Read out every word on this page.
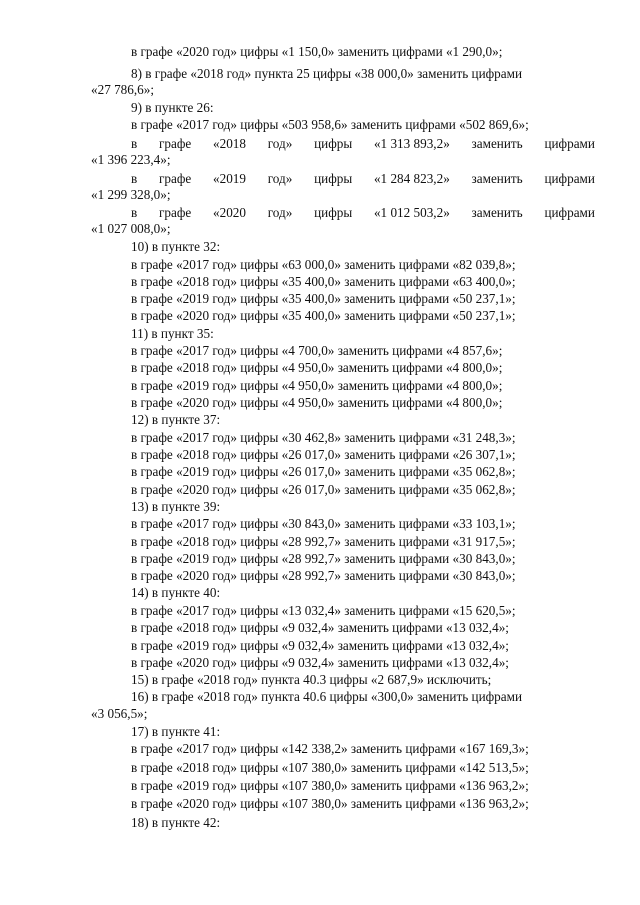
в графе «2020 год» цифры «1 150,0» заменить цифрами «1 290,0»;
8) в графе «2018 год» пункта 25 цифры «38 000,0» заменить цифрами
«27 786,6»;
9) в пункте 26:
в графе «2017 год» цифры «503 958,6» заменить цифрами «502 869,6»;
в графе «2018 год» цифры «1 313 893,2» заменить цифрами
«1 396 223,4»;
в графе «2019 год» цифры «1 284 823,2» заменить цифрами
«1 299 328,0»;
в графе «2020 год» цифры «1 012 503,2» заменить цифрами
«1 027 008,0»;
10) в пункте 32:
в графе «2017 год» цифры «63 000,0» заменить цифрами «82 039,8»;
в графе «2018 год» цифры «35 400,0» заменить цифрами «63 400,0»;
в графе «2019 год» цифры «35 400,0» заменить цифрами «50 237,1»;
в графе «2020 год» цифры «35 400,0» заменить цифрами «50 237,1»;
11) в пункт 35:
в графе «2017 год» цифры «4 700,0» заменить цифрами «4 857,6»;
в графе «2018 год» цифры «4 950,0» заменить цифрами «4 800,0»;
в графе «2019 год» цифры «4 950,0» заменить цифрами «4 800,0»;
в графе «2020 год» цифры «4 950,0» заменить цифрами «4 800,0»;
12) в пункте 37:
в графе «2017 год» цифры «30 462,8» заменить цифрами «31 248,3»;
в графе «2018 год» цифры «26 017,0» заменить цифрами «26 307,1»;
в графе «2019 год» цифры «26 017,0» заменить цифрами «35 062,8»;
в графе «2020 год» цифры «26 017,0» заменить цифрами «35 062,8»;
13) в пункте 39:
в графе «2017 год» цифры «30 843,0» заменить цифрами «33 103,1»;
в графе «2018 год» цифры «28 992,7» заменить цифрами «31 917,5»;
в графе «2019 год» цифры «28 992,7» заменить цифрами «30 843,0»;
в графе «2020 год» цифры «28 992,7» заменить цифрами «30 843,0»;
14) в пункте 40:
в графе «2017 год» цифры «13 032,4» заменить цифрами «15 620,5»;
в графе «2018 год» цифры «9 032,4» заменить цифрами «13 032,4»;
в графе «2019 год» цифры «9 032,4» заменить цифрами «13 032,4»;
в графе «2020 год» цифры «9 032,4» заменить цифрами «13 032,4»;
15) в графе «2018 год» пункта 40.3 цифры «2 687,9» исключить;
16) в графе «2018 год» пункта 40.6 цифры «300,0» заменить цифрами
«3 056,5»;
17) в пункте 41:
в графе «2017 год» цифры «142 338,2» заменить цифрами «167 169,3»;
в графе «2018 год» цифры «107 380,0» заменить цифрами «142 513,5»;
в графе «2019 год» цифры «107 380,0» заменить цифрами «136 963,2»;
в графе «2020 год» цифры «107 380,0» заменить цифрами «136 963,2»;
18) в пункте 42:
